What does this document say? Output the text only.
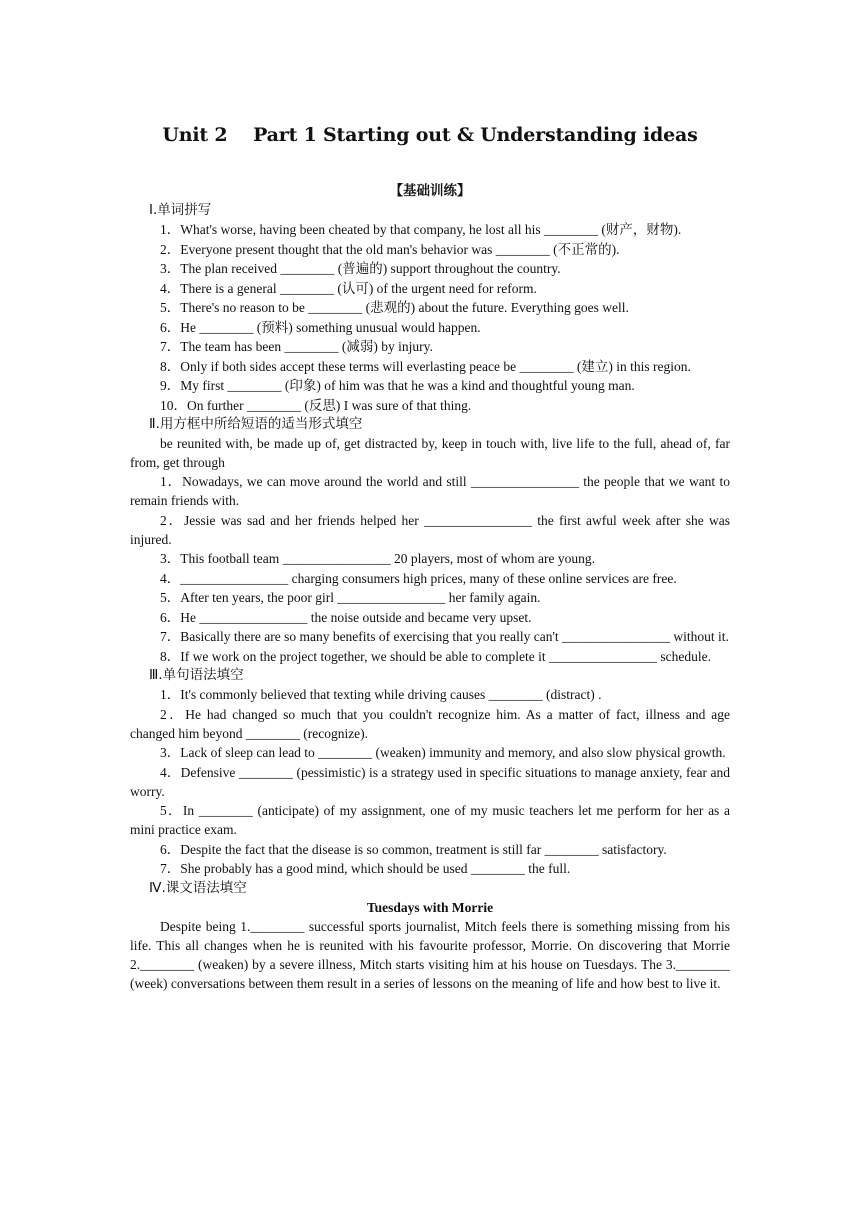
Unit 2    Part 1 Starting out & Understanding ideas
【基础训练】
Ⅰ.单词拼写

1．What's worse, having been cheated by that company, he lost all his ________ (财产，财物).

2．Everyone present thought that the old man's behavior was ________ (不正常的).

3．The plan received ________ (普遍的) support throughout the country.

4．There is a general ________ (认可) of the urgent need for reform.

5．There's no reason to be ________ (悲观的) about the future. Everything goes well.

6．He ________ (预料) something unusual would happen.

7．The team has been ________ (减弱) by injury.

8．Only if both sides accept these terms will everlasting peace be ________ (建立) in this region.

9．My first ________ (印象) of him was that he was a kind and thoughtful young man.

10．On further ________ (反思) I was sure of that thing.

Ⅱ.用方框中所给短语的适当形式填空

be reunited with, be made up of, get distracted by, keep in touch with, live life to the full, ahead of, far from, get through

1．Nowadays, we can move around the world and still ________________ the people that we want to remain friends with.

2．Jessie was sad and her friends helped her ________________ the first awful week after she was injured.

3．This football team ________________ 20 players, most of whom are young.

4．________________ charging consumers high prices, many of these online services are free.

5．After ten years, the poor girl ________________ her family again.

6．He ________________ the noise outside and became very upset.

7．Basically there are so many benefits of exercising that you really can't ________________ without it.

8．If we work on the project together, we should be able to complete it ________________ schedule.

Ⅲ.单句语法填空

1．It's commonly believed that texting while driving causes ________ (distract) .

2．He had changed so much that you couldn't recognize him. As a matter of fact, illness and age changed him beyond ________ (recognize).

3．Lack of sleep can lead to ________ (weaken) immunity and memory, and also slow physical growth.

4．Defensive ________ (pessimistic) is a strategy used in specific situations to manage anxiety, fear and worry.

5．In ________ (anticipate) of my assignment, one of my music teachers let me perform for her as a mini practice exam.

6．Despite the fact that the disease is so common, treatment is still far ________ satisfactory.

7．She probably has a good mind, which should be used ________ the full.

Ⅳ.课文语法填空
Tuesdays with Morrie

Despite being 1.________ successful sports journalist, Mitch feels there is something missing from his life. This all changes when he is reunited with his favourite professor, Morrie. On discovering that Morrie 2.________ (weaken) by a severe illness, Mitch starts visiting him at his house on Tuesdays. The 3.________ (week) conversations between them result in a series of lessons on the meaning of life and how best to live it.
